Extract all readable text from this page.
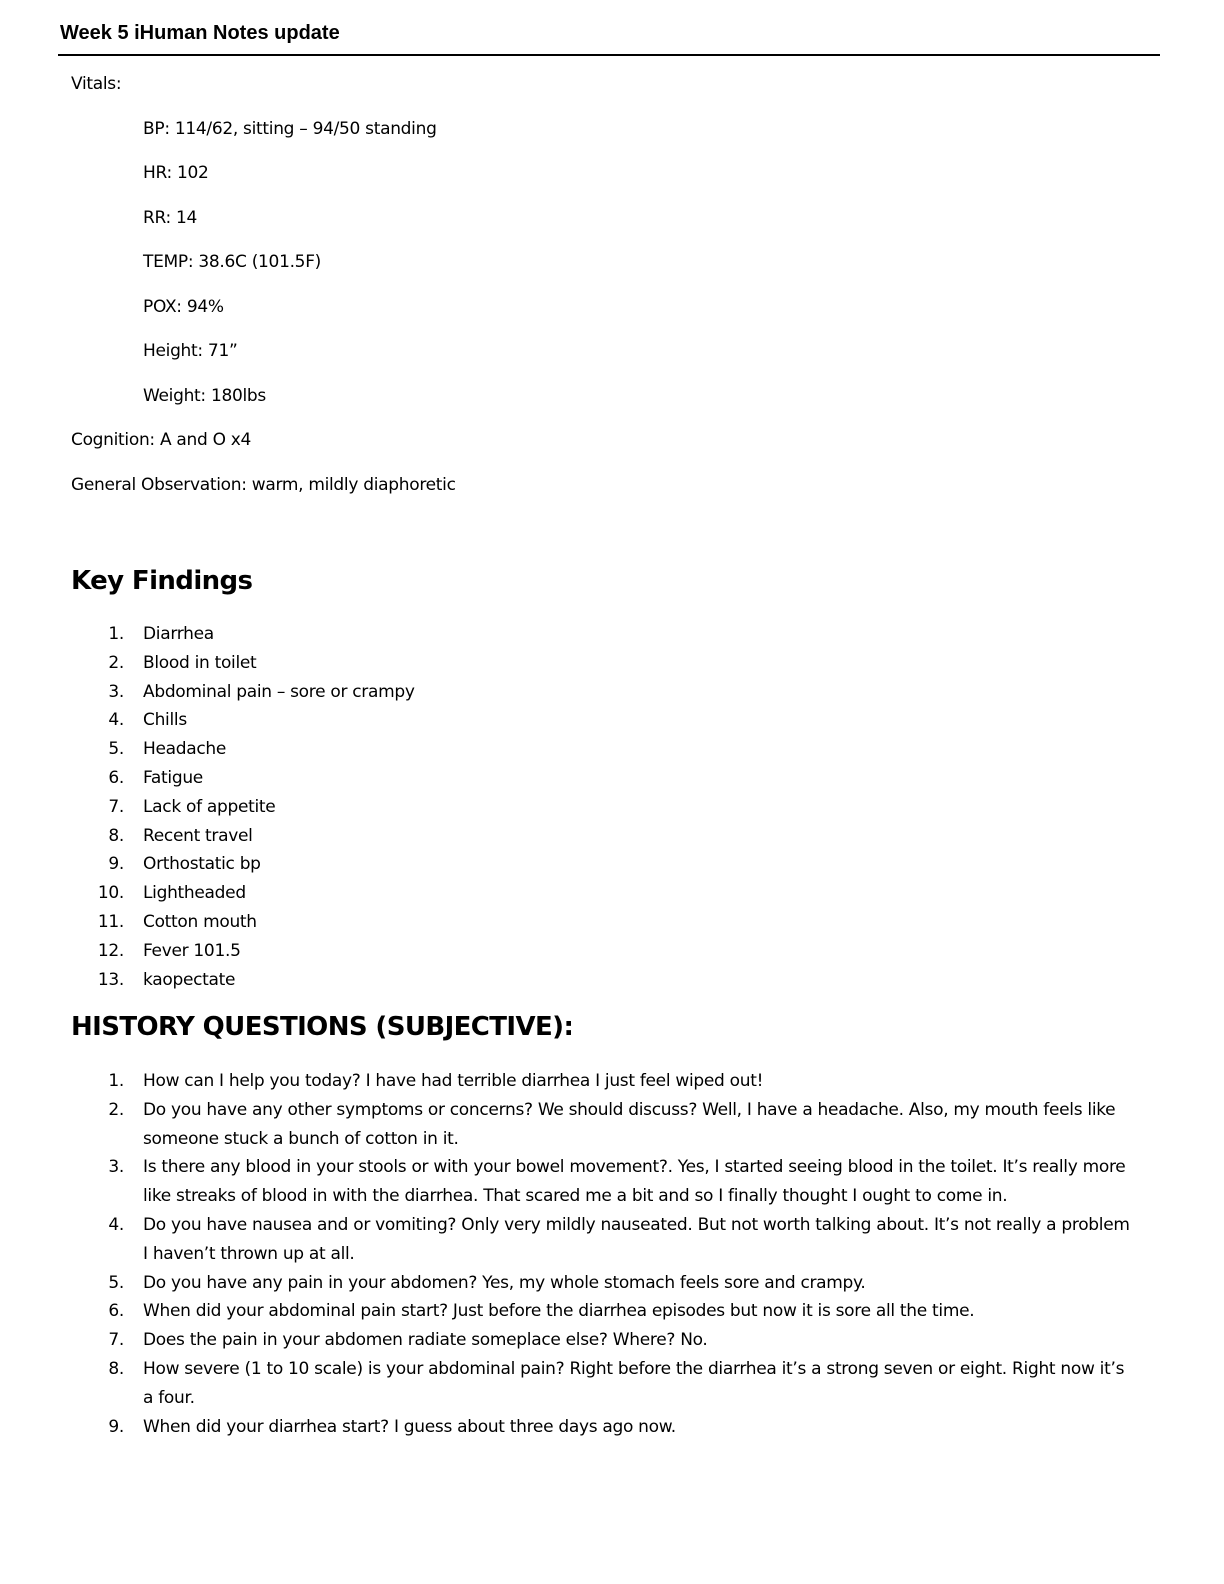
Week 5 iHuman Notes update
Vitals:
BP: 114/62, sitting – 94/50 standing
HR: 102
RR: 14
TEMP: 38.6C (101.5F)
POX: 94%
Height: 71”
Weight: 180lbs
Cognition: A and O x4
General Observation: warm, mildly diaphoretic
Key Findings
1. Diarrhea
2. Blood in toilet
3. Abdominal pain – sore or crampy
4. Chills
5. Headache
6. Fatigue
7. Lack of appetite
8. Recent travel
9. Orthostatic bp
10. Lightheaded
11. Cotton mouth
12. Fever 101.5
13. kaopectate
HISTORY QUESTIONS (SUBJECTIVE):
1. How can I help you today? I have had terrible diarrhea I just feel wiped out!
2. Do you have any other symptoms or concerns? We should discuss? Well, I have a headache. Also, my mouth feels like someone stuck a bunch of cotton in it.
3. Is there any blood in your stools or with your bowel movement?. Yes, I started seeing blood in the toilet. It’s really more like streaks of blood in with the diarrhea. That scared me a bit and so I finally thought I ought to come in.
4. Do you have nausea and or vomiting? Only very mildly nauseated. But not worth talking about. It’s not really a problem I haven’t thrown up at all.
5. Do you have any pain in your abdomen? Yes, my whole stomach feels sore and crampy.
6. When did your abdominal pain start? Just before the diarrhea episodes but now it is sore all the time.
7. Does the pain in your abdomen radiate someplace else? Where? No.
8. How severe (1 to 10 scale) is your abdominal pain? Right before the diarrhea it’s a strong seven or eight. Right now it’s a four.
9. When did your diarrhea start? I guess about three days ago now.
